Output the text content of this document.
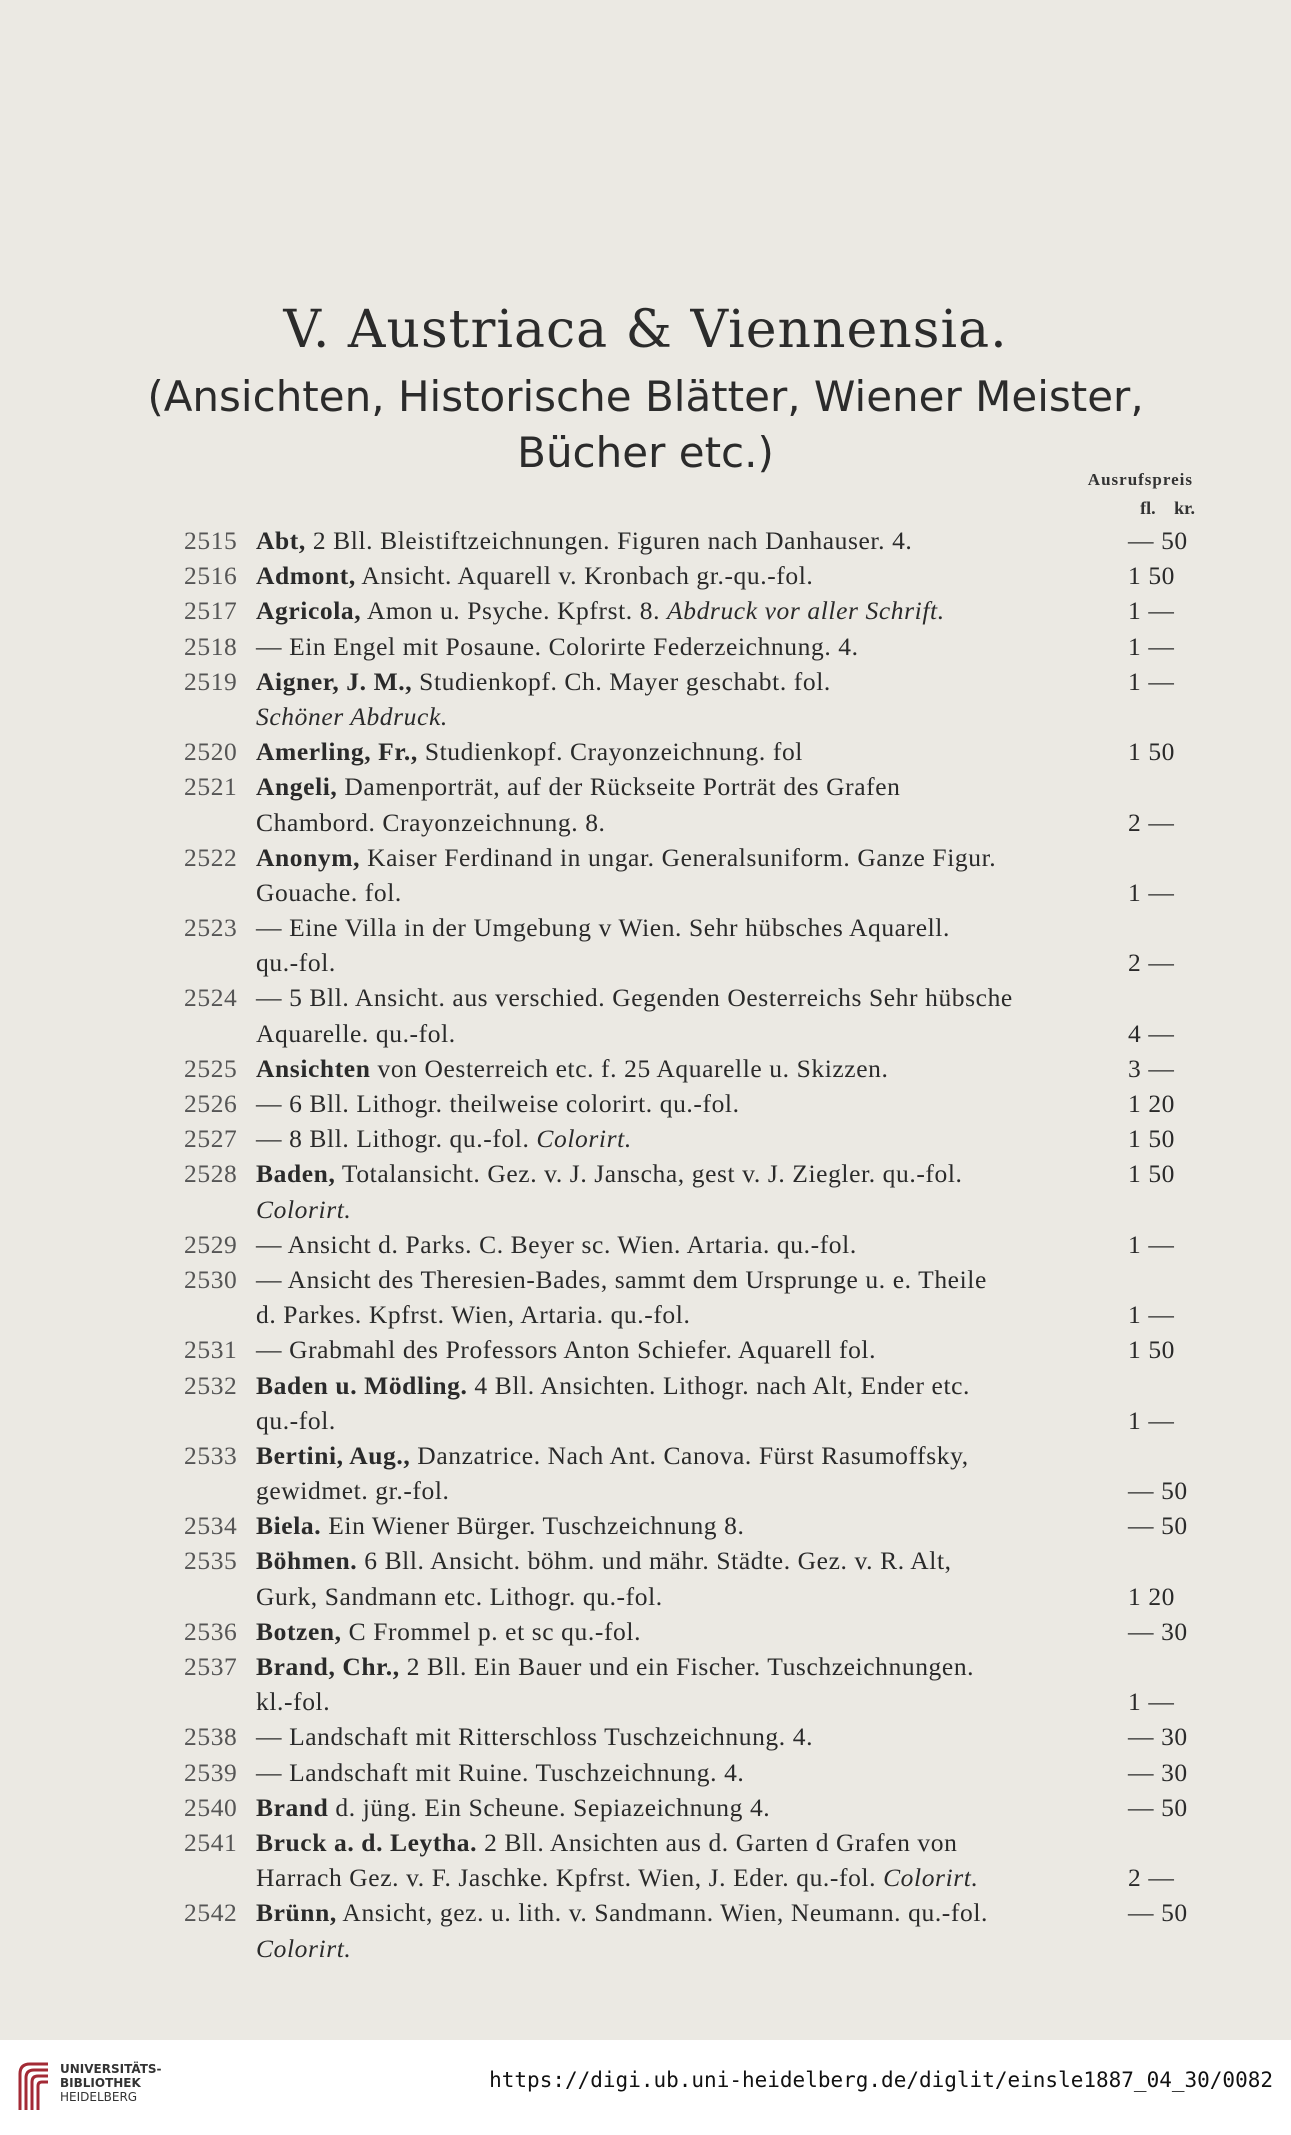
V. Austriaca & Viennensia.
(Ansichten, Historische Blätter, Wiener Meister,
Bücher etc.)
Ausrufspreis
fl. kr.
2515 Abt, 2 Bll. Bleistiftzeichnungen. Figuren nach Danhauser. 4.	— 50
2516 Admont, Ansicht. Aquarell v. Kronbach gr.-qu.-fol.	1 50
2517 Agricola, Amon u. Psyche. Kpfrst. 8. Abdruck vor aller Schrift.	1 —
2518 — Ein Engel mit Posaune. Colorirte Federzeichnung. 4.	1 —
2519 Aigner, J. M., Studienkopf. Ch. Mayer geschabt. fol.	1 —
Schöner Abdruck.
2520 Amerling, Fr., Studienkopf. Crayonzeichnung. fol	1 50
2521 Angeli, Damenporträt, auf der Rückseite Porträt des Grafen
Chambord. Crayonzeichnung. 8.	2 —
2522 Anonym, Kaiser Ferdinand in ungar. Generalsuniform. Ganze Figur.
Gouache. fol.	1 —
2523 — Eine Villa in der Umgebung v Wien. Sehr hübsches Aquarell.
qu.-fol.	2 —
2524 — 5 Bll. Ansicht. aus verschied. Gegenden Oesterreichs Sehr hübsche
Aquarelle. qu.-fol.	4 —
2525 Ansichten von Oesterreich etc. f. 25 Aquarelle u. Skizzen.	3 —
2526 — 6 Bll. Lithogr. theilweise colorirt. qu.-fol.	1 20
2527 — 8 Bll. Lithogr. qu.-fol. Colorirt.	1 50
2528 Baden, Totalansicht. Gez. v. J. Janscha, gest v. J. Ziegler. qu.-fol.	1 50
Colorirt.
2529 — Ansicht d. Parks. C. Beyer sc. Wien. Artaria. qu.-fol.	1 —
2530 — Ansicht des Theresien-Bades, sammt dem Ursprunge u. e. Theile
d. Parkes. Kpfrst. Wien, Artaria. qu.-fol.	1 —
2531 — Grabmahl des Professors Anton Schiefer. Aquarell fol.	1 50
2532 Baden u. Mödling. 4 Bll. Ansichten. Lithogr. nach Alt, Ender etc.
qu.-fol.	1 —
2533 Bertini, Aug., Danzatrice. Nach Ant. Canova. Fürst Rasumoffsky,
gewidmet. gr.-fol.	— 50
2534 Biela. Ein Wiener Bürger. Tuschzeichnung 8.	— 50
2535 Böhmen. 6 Bll. Ansicht. böhm. und mähr. Städte. Gez. v. R. Alt,
Gurk, Sandmann etc. Lithogr. qu.-fol.	1 20
2536 Botzen, C Frommel p. et sc qu.-fol.	— 30
2537 Brand, Chr., 2 Bll. Ein Bauer und ein Fischer. Tuschzeichnungen.
kl.-fol.	1 —
2538 — Landschaft mit Ritterschloss Tuschzeichnung. 4.	— 30
2539 — Landschaft mit Ruine. Tuschzeichnung. 4.	— 30
2540 Brand d. jüng. Ein Scheune. Sepiazeichnung 4.	— 50
2541 Bruck a. d. Leytha. 2 Bll. Ansichten aus d. Garten d Grafen von
Harrach Gez. v. F. Jaschke. Kpfrst. Wien, J. Eder. qu.-fol. Colorirt.	2 —
2542 Brünn, Ansicht, gez. u. lith. v. Sandmann. Wien, Neumann. qu.-fol.	— 50
Colorirt.
UNIVERSITÄTS-
BIBLIOTHEK
HEIDELBERG
https://digi.ub.uni-heidelberg.de/diglit/einsle1887_04_30/0082
